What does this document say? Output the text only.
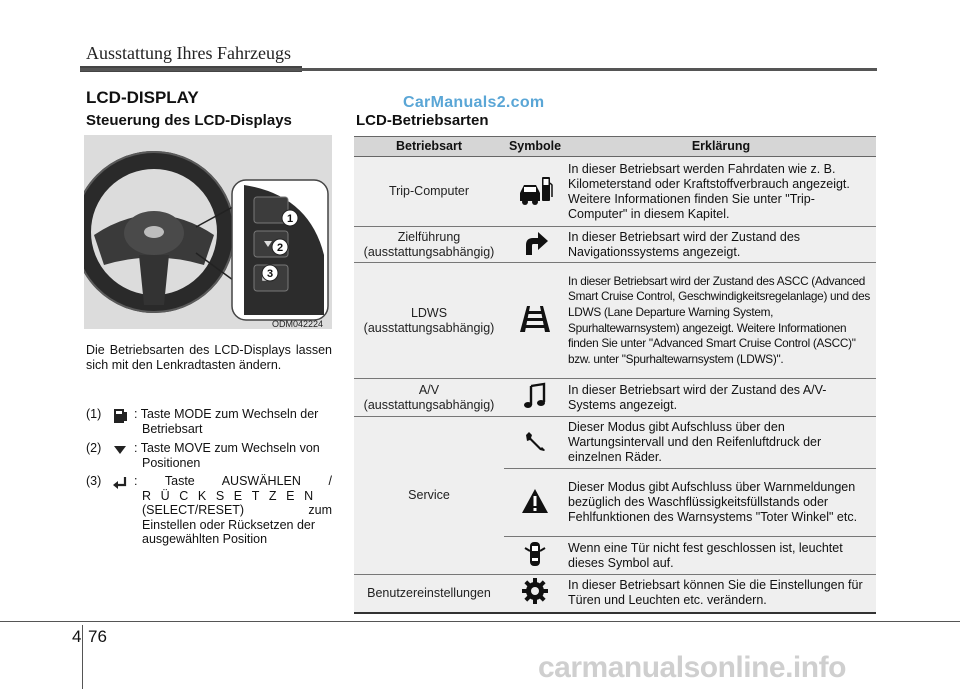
Ausstattung Ihres Fahrzeugs
LCD-DISPLAY	CarManuals2.com
Steuerung des LCD-Displays
1
2
3
ODM042224
Die Betriebsarten des LCD-Displays lassen sich mit den Lenkradtasten ändern.
(1)	: Taste MODE zum Wechseln der
Betriebsart
(2)	: Taste MOVE zum Wechseln von
Positionen
(3)	: Taste AUSWÄHLEN /
RÜCKSETZEN
(SELECT/RESET) zum
Einstellen oder Rücksetzen der
ausgewählten Position
LCD-Betriebsarten
Betriebsart	Symbole	Erklärung
Trip-Computer		In dieser Betriebsart werden Fahrdaten wie z. B. Kilometerstand oder Kraftstoffverbrauch angezeigt. Weitere Informationen finden Sie unter "Trip-Computer" in diesem Kapitel.

Zielführung
(ausstattungsabhängig)		In dieser Betriebsart wird der Zustand des Navigationssystems angezeigt.

LDWS
(ausstattungsabhängig)		In dieser Betriebsart wird der Zustand des ASCC (Advanced Smart Cruise Control, Geschwindigkeitsregelanlage) und des LDWS (Lane Departure Warning System, Spurhaltewarnsystem) angezeigt. Weitere Informationen finden Sie unter "Advanced Smart Cruise Control (ASCC)" bzw. unter "Spurhaltewarnsystem (LDWS)".

A/V
(ausstattungsabhängig)		In dieser Betriebsart wird der Zustand des A/V-Systems angezeigt.
Service		Dieser Modus gibt Aufschluss über den Wartungsintervall und den Reifenluftdruck der einzelnen Räder.
	Dieser Modus gibt Aufschluss über Warnmeldungen bezüglich des Waschflüssigkeitsfüllstands oder Fehlfunktionen des Warnsystems "Toter Winkel" etc.
	Wenn eine Tür nicht fest geschlossen ist, leuchtet dieses Symbol auf.
Benutzereinstellungen		In dieser Betriebsart können Sie die Einstellungen für Türen und Leuchten etc. verändern.
4 76
carmanualsonline.info
